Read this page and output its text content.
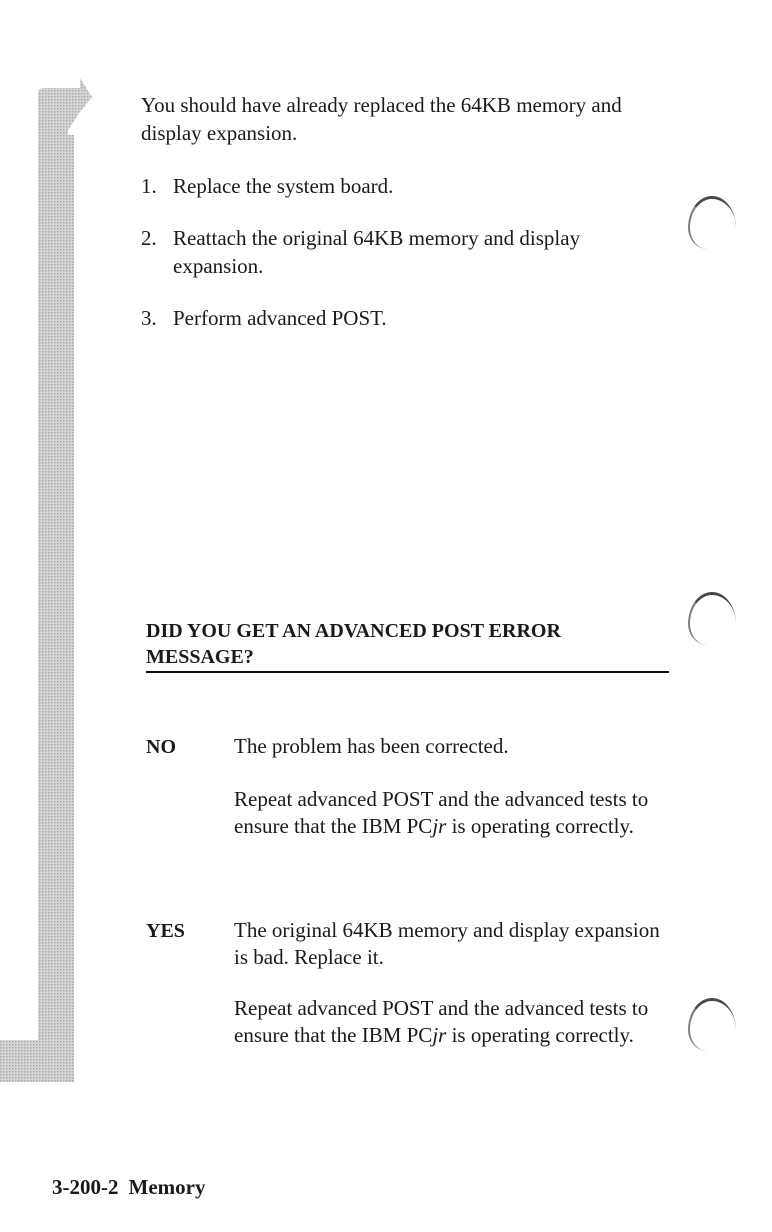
You should have already replaced the 64KB memory and display expansion.

1. Replace the system board.
2. Reattach the original 64KB memory and display expansion.
3. Perform advanced POST.
DID YOU GET AN ADVANCED POST ERROR MESSAGE?
NO	The problem has been corrected.

Repeat advanced POST and the advanced tests to ensure that the IBM PCjr is operating correctly.

YES The original 64KB memory and display expansion is bad. Replace it.

Repeat advanced POST and the advanced tests to ensure that the IBM PCjr is operating correctly.

3-200-2 Memory
